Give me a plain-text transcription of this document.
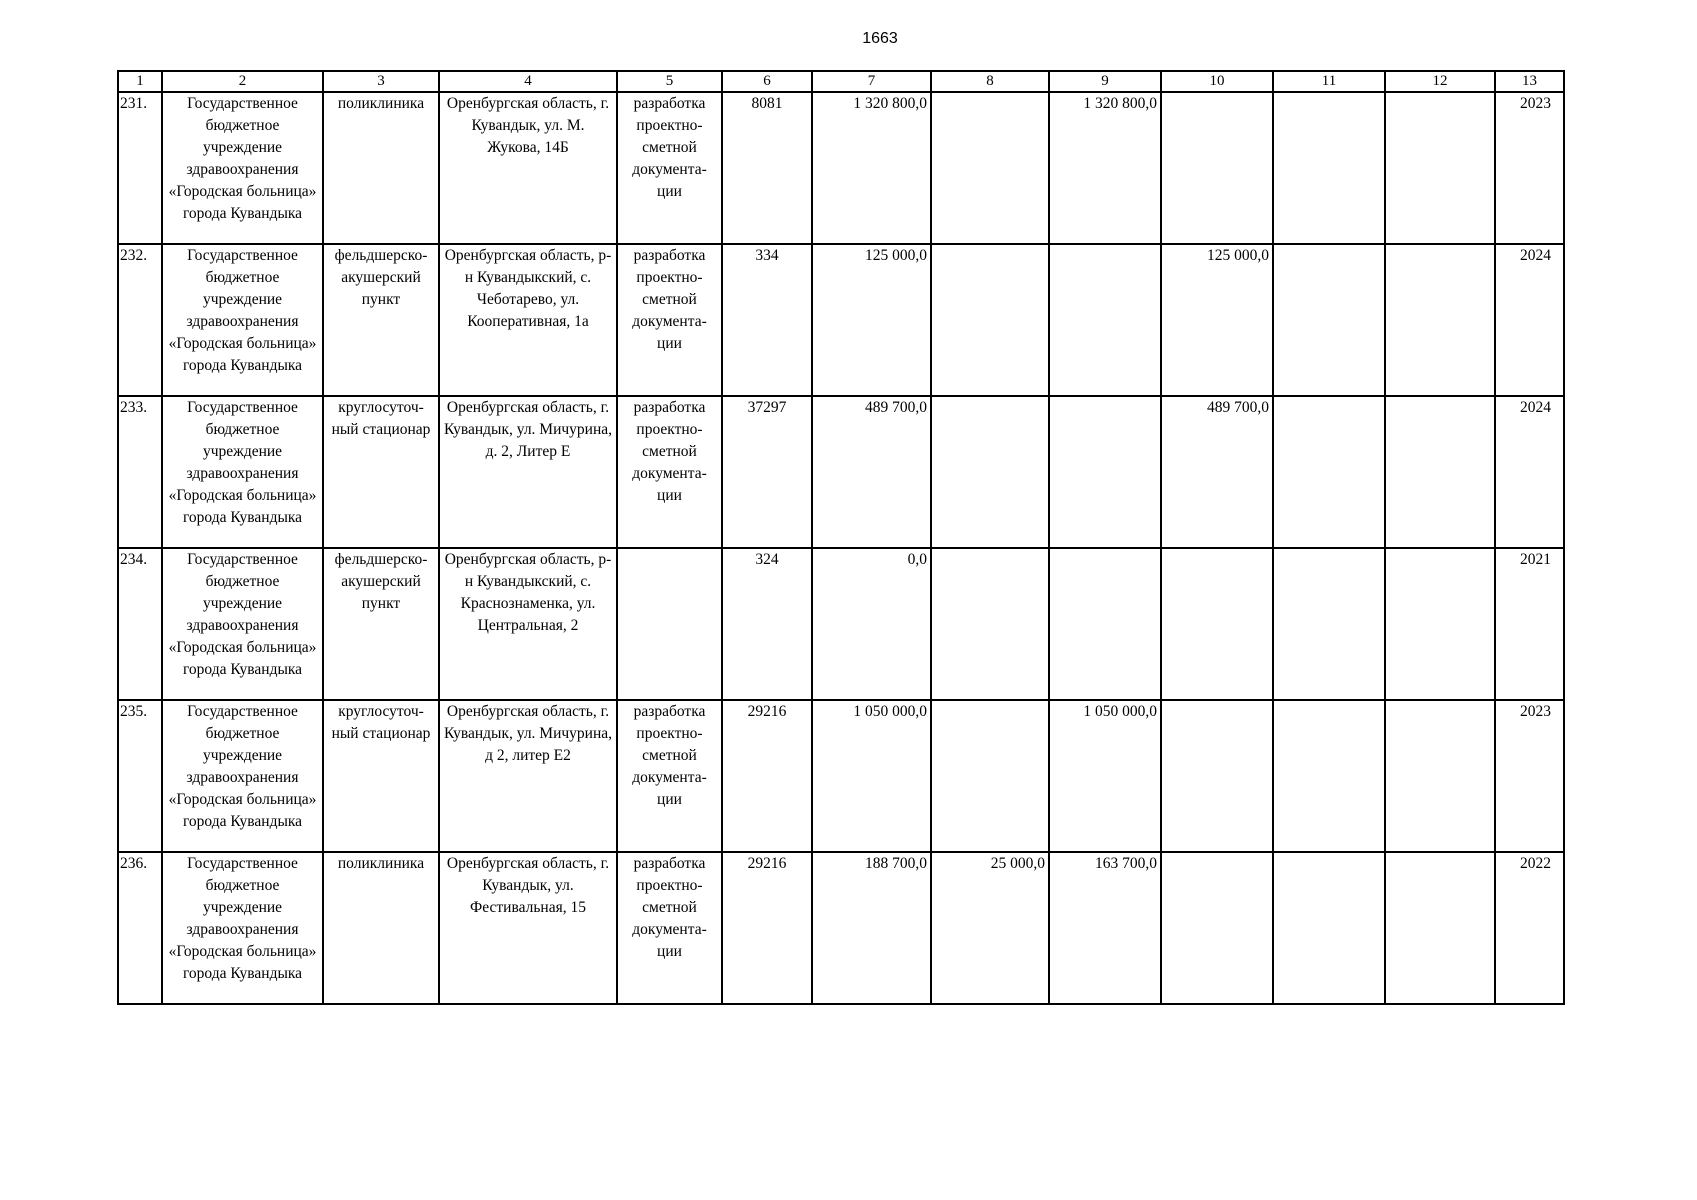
1663
1	2	3	4	5	6	7	8	9	10	11	12	13

231.	Государственное бюджетное учреждение здравоохранения «Городская больница» города Кувандыка	поликлиника	Оренбургская область, г. Кувандык, ул. М. Жукова, 14Б	разработка проектно-сметной документа-ции	8081	1 320 800,0		1 320 800,0				2023

232.	Государственное бюджетное учреждение здравоохранения «Городская больница» города Кувандыка	фельдшерско-акушерский пункт	Оренбургская область, р-н Кувандыкский, с. Чеботарево, ул. Кооперативная, 1а	разработка проектно-сметной документа-ции	334	125 000,0			125 000,0			2024

233.	Государственное бюджетное учреждение здравоохранения «Городская больница» города Кувандыка	круглосуточ-ный стационар	Оренбургская область, г. Кувандык, ул. Мичурина, д. 2, Литер Е	разработка проектно-сметной документа-ции	37297	489 700,0			489 700,0			2024

234.	Государственное бюджетное учреждение здравоохранения «Городская больница» города Кувандыка	фельдшерско-акушерский пункт	Оренбургская область, р-н Кувандыкский, с. Краснознаменка, ул. Центральная, 2		324	0,0						2021

235.	Государственное бюджетное учреждение здравоохранения «Городская больница» города Кувандыка	круглосуточ-ный стационар	Оренбургская область, г. Кувандык, ул. Мичурина, д 2, литер Е2	разработка проектно-сметной документа-ции	29216	1 050 000,0		1 050 000,0				2023

236.	Государственное бюджетное учреждение здравоохранения «Городская больница» города Кувандыка	поликлиника	Оренбургская область, г. Кувандык, ул. Фестивальная, 15	разработка проектно-сметной документа-ции	29216	188 700,0	25 000,0	163 700,0				2022
